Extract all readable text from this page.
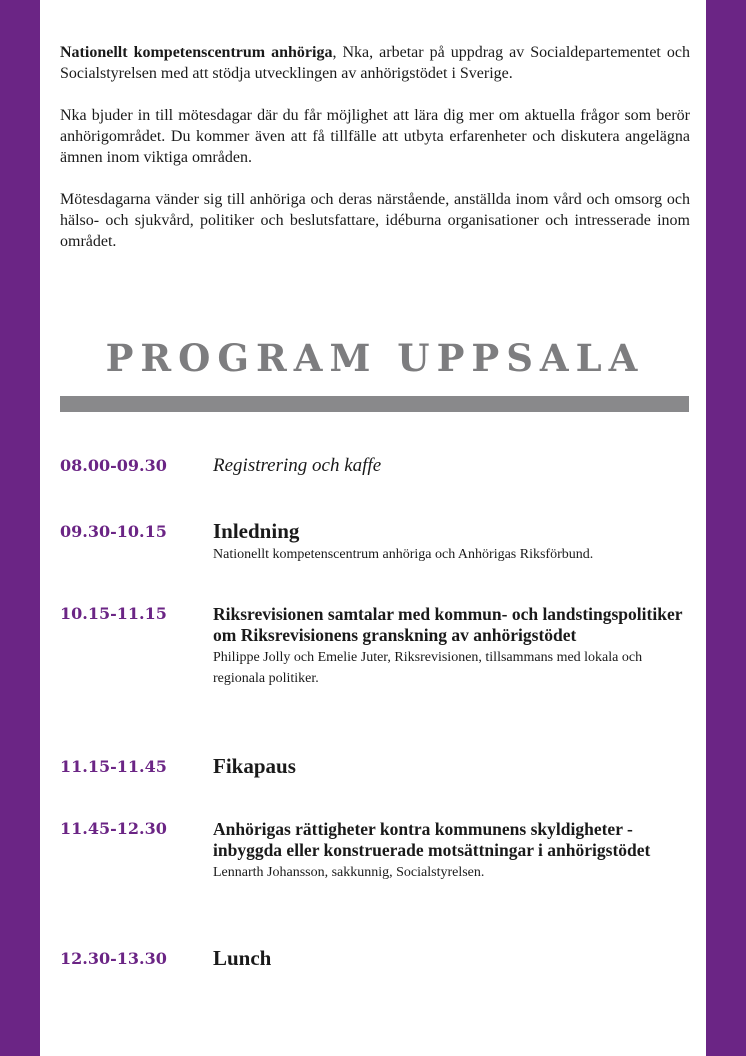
Nationellt kompetenscentrum anhöriga, Nka, arbetar på uppdrag av Socialdepartementet och Socialstyrelsen med att stödja utvecklingen av anhörigstödet i Sverige.

Nka bjuder in till mötesdagar där du får möjlighet att lära dig mer om aktuella frågor som berör anhörigområdet. Du kommer även att få tillfälle att utbyta erfarenheter och diskutera angelägna ämnen inom viktiga områden.

Mötesdagarna vänder sig till anhöriga och deras närstående, anställda inom vård och omsorg och hälso- och sjukvård, politiker och beslutsfattare, idéburna organisationer och intresserade inom området.

PROGRAM UPPSALA
08.00-09.30 Registrering och kaffe
09.30-10.15 Inledning
Nationellt kompetenscentrum anhöriga och Anhörigas Riksförbund.
10.15-11.15	Riksrevisionen samtalar med kommun- och landstingspolitiker om Riksrevisionens granskning av anhörigstödet
Philippe Jolly och Emelie Juter, Riksrevisionen, tillsammans med lokala och regionala politiker.
11.15-11.45 Fikapaus
11.45-12.30	Anhörigas rättigheter kontra kommunens skyldigheter - inbyggda eller konstruerade motsättningar i anhörigstödet
Lennarth Johansson, sakkunnig, Socialstyrelsen.
12.30-13.30 Lunch
